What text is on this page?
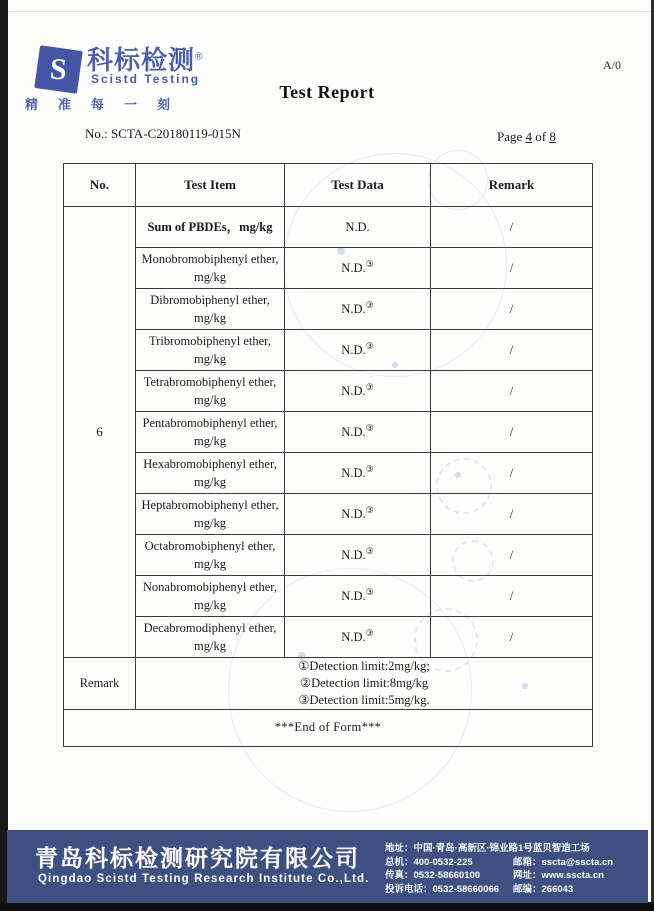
S 科标检测®
Scistd Testing
精 准 每 一 刻
A/0
Test Report
No.: SCTA-C20180119-015N	Page 4 of 8
No.	Test Item	Test Data	Remark
6	Sum of PBDEs，mg/kg	N.D.	/

	Monobromobiphenyl ether,
mg/kg	N.D.③	/

	Dibromobiphenyl ether,
mg/kg	N.D.③	/

	Tribromobiphenyl ether,
mg/kg	N.D.③	/

	Tetrabromobiphenyl ether,
mg/kg	N.D.③	/

	Pentabromobiphenyl ether,
mg/kg	N.D.③	/

	Hexabromobiphenyl ether,
mg/kg	N.D.③	/

	Heptabromobiphenyl ether,
mg/kg	N.D.③	/

	Octabromobiphenyl ether,
mg/kg	N.D.③	/

	Nonabromobiphenyl ether,
mg/kg	N.D.③	/

	Decabromodiphenyl ether,
mg/kg	N.D.③	/
Remark	①Detection limit:2mg/kg;
②Detection limit:8mg/kg
③Detection limit:5mg/kg.		

***End of Form***			
青岛科标检测研究院有限公司
Qingdao Scistd Testing Research Institute Co.,Ltd.
地址：中国·青岛·高新区·锦业路1号蓝贝智造工场
总机：400-0532-225	邮箱：sscta@sscta.cn
传真：0532-58660100	网址：www.sscta.cn
投诉电话：0532-58660066	邮编：266043
